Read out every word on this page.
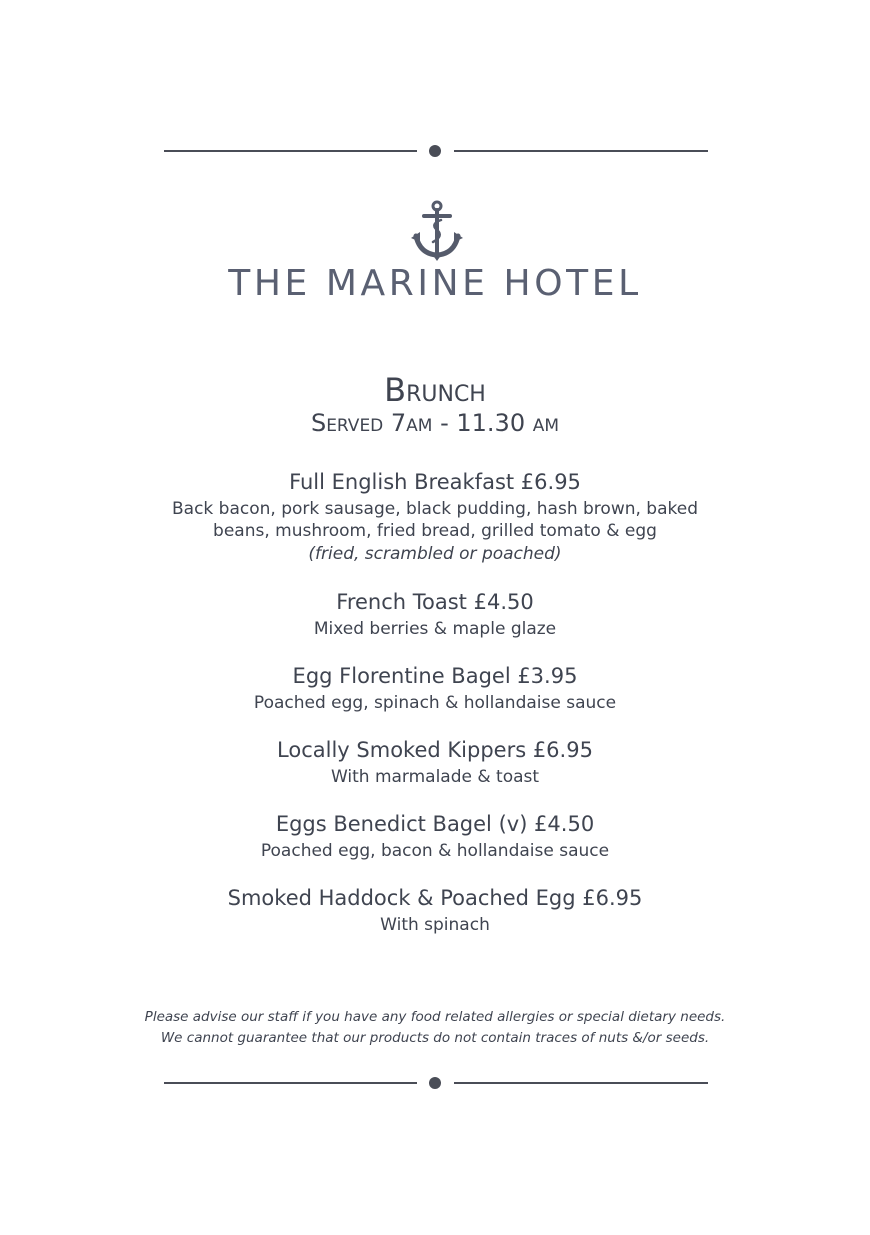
THE MARINE HOTEL
Brunch
Served 7am - 11.30 am
Full English Breakfast £6.95
Back bacon, pork sausage, black pudding, hash brown, baked beans, mushroom, fried bread, grilled tomato & egg
(fried, scrambled or poached)
French Toast £4.50
Mixed berries & maple glaze
Egg Florentine Bagel £3.95
Poached egg, spinach & hollandaise sauce
Locally Smoked Kippers £6.95
With marmalade & toast
Eggs Benedict Bagel (v) £4.50
Poached egg, bacon & hollandaise sauce
Smoked Haddock & Poached Egg £6.95
With spinach
Please advise our staff if you have any food related allergies or special dietary needs.
We cannot guarantee that our products do not contain traces of nuts &/or seeds.
